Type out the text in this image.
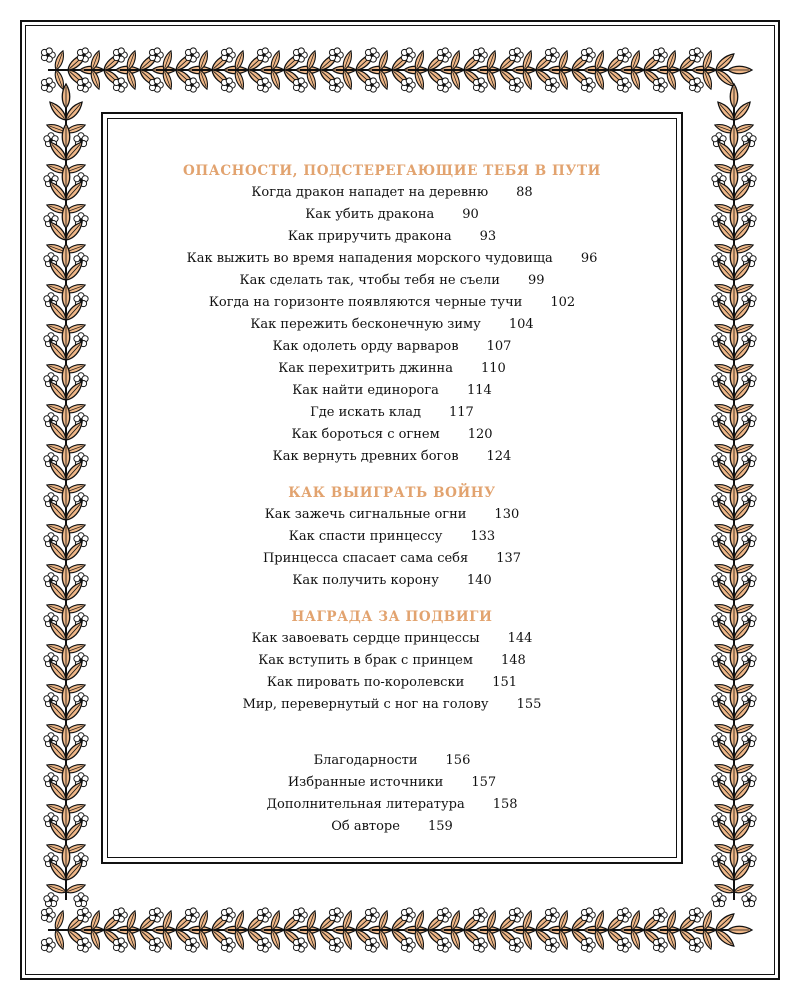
ОПАСНОСТИ, ПОДСТЕРЕГАЮЩИЕ ТЕБЯ В ПУТИ
Когда дракон нападет на деревню 88
Как убить дракона 90
Как приручить дракона 93
Как выжить во время нападения морского чудовища 96
Как сделать так, чтобы тебя не съели 99
Когда на горизонте появляются черные тучи 102
Как пережить бесконечную зиму 104
Как одолеть орду варваров 107
Как перехитрить джинна 110
Как найти единорога 114
Где искать клад 117
Как бороться с огнем 120
Как вернуть древних богов 124
КАК ВЫИГРАТЬ ВОЙНУ
Как зажечь сигнальные огни 130
Как спасти принцессу 133
Принцесса спасает сама себя 137
Как получить корону 140
НАГРАДА ЗА ПОДВИГИ
Как завоевать сердце принцессы 144
Как вступить в брак с принцем 148
Как пировать по-королевски 151
Мир, перевернутый с ног на голову 155
Благодарности 156
Избранные источники 157
Дополнительная литература 158
Об авторе 159
